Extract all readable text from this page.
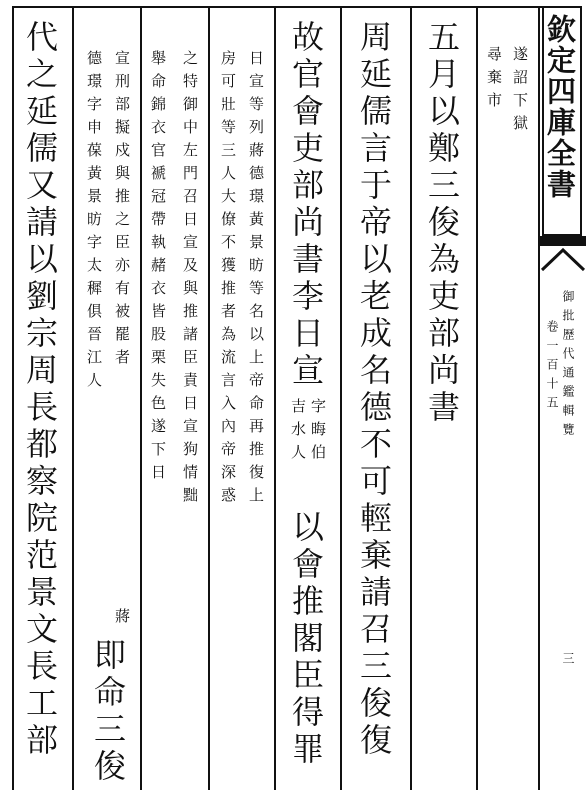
欽定四庫全書
御批歷代通鑑輯覽
卷一百十五
三
遂詔下獄
尋棄市
五月以鄭三俊為吏部尚書
周延儒言于帝以老成名德不可輕棄請召三俊復
故官會吏部尚書李日宣
字晦伯
吉水人
以會推閣臣得罪
日宣等列蔣德璟黃景昉等名以上帝命再推復上
房可壯等三人大僚不獲推者為流言入內帝深惑
之特御中左門召日宣及與推諸臣責日宣狗情黜
舉命錦衣官褫冠帶執赭衣皆股栗失色遂下日
宣刑部擬戍與推之臣亦有被罷者
蔣
德璟字申葆黃景昉字太穉俱晉江人
即命三俊
代之延儒又請以劉宗周長都察院范景文長工部
